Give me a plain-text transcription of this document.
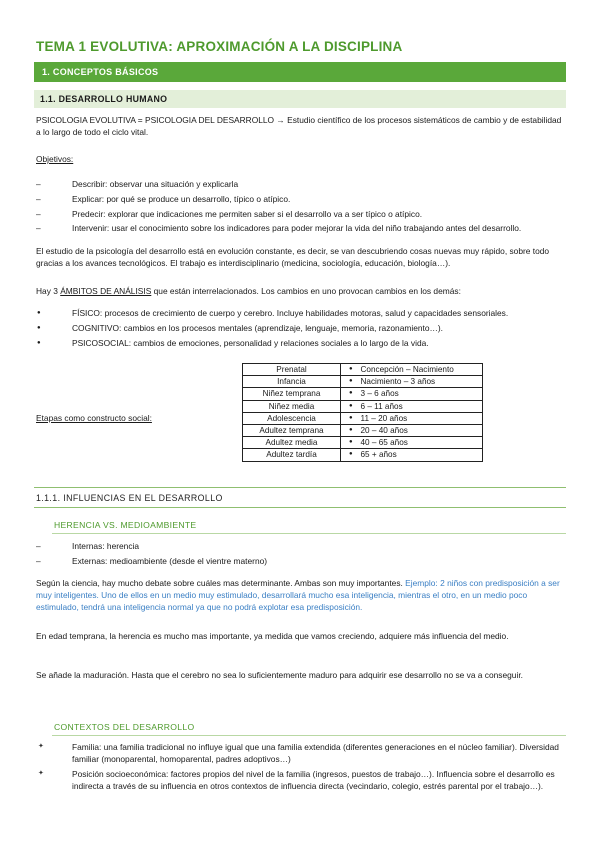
TEMA 1 EVOLUTIVA: APROXIMACIÓN A LA DISCIPLINA
1. CONCEPTOS BÁSICOS
1.1. DESARROLLO HUMANO
PSICOLOGIA EVOLUTIVA = PSICOLOGIA DEL DESARROLLO → Estudio científico de los procesos sistemáticos de cambio y de estabilidad a lo largo de todo el ciclo vital.
Objetivos:
– Describir: observar una situación y explicarla
– Explicar: por qué se produce un desarrollo, típico o atípico.
– Predecir: explorar que indicaciones me permiten saber si el desarrollo va a ser típico o atípico.
– Intervenir: usar el conocimiento sobre los indicadores para poder mejorar la vida del niño trabajando antes del desarrollo.
El estudio de la psicología del desarrollo está en evolución constante, es decir, se van descubriendo cosas nuevas muy rápido, sobre todo gracias a los avances tecnológicos. El trabajo es interdisciplinario (medicina, sociología, educación, biología…).
Hay 3 ÁMBITOS DE ANÁLISIS que están interrelacionados. Los cambios en uno provocan cambios en los demás:
● FÍSICO: procesos de crecimiento de cuerpo y cerebro. Incluye habilidades motoras, salud y capacidades sensoriales.
● COGNITIVO: cambios en los procesos mentales (aprendizaje, lenguaje, memoria, razonamiento…).
● PSICOSOCIAL: cambios de emociones, personalidad y relaciones sociales a lo largo de la vida.
Etapas como constructo social:
Prenatal	●	Concepción – Nacimiento
Infancia	●	Nacimiento – 3 años
Niñez temprana	●	3 – 6 años
Niñez media	●	6 – 11 años
Adolescencia	●	11 – 20 años
Adultez temprana	●	20 – 40 años
Adultez media	●	40 – 65 años
Adultez tardía	●	65 + años
1.1.1. INFLUENCIAS EN EL DESARROLLO
HERENCIA VS. MEDIOAMBIENTE
– Internas: herencia
– Externas: medioambiente (desde el vientre materno)
Según la ciencia, hay mucho debate sobre cuáles mas determinante. Ambas son muy importantes. Ejemplo: 2 niños con predisposición a ser muy inteligentes. Uno de ellos en un medio muy estimulado, desarrollará mucho esa inteligencia, mientras el otro, en un medio poco estimulado, tendrá una inteligencia normal ya que no podrá explotar esa predisposición.
En edad temprana, la herencia es mucho mas importante, ya medida que vamos creciendo, adquiere más influencia del medio.
Se añade la maduración. Hasta que el cerebro no sea lo suficientemente maduro para adquirir ese desarrollo no se va a conseguir.
CONTEXTOS DEL DESARROLLO
✦ Familia: una familia tradicional no influye igual que una familia extendida (diferentes generaciones en el núcleo familiar). Diversidad familiar (monoparental, homoparental, padres adoptivos…)
✦ Posición socioeconómica: factores propios del nivel de la familia (ingresos, puestos de trabajo…). Influencia sobre el desarrollo es indirecta a través de su influencia en otros contextos de influencia directa (vecindario, colegio, estrés parental por el trabajo…).
